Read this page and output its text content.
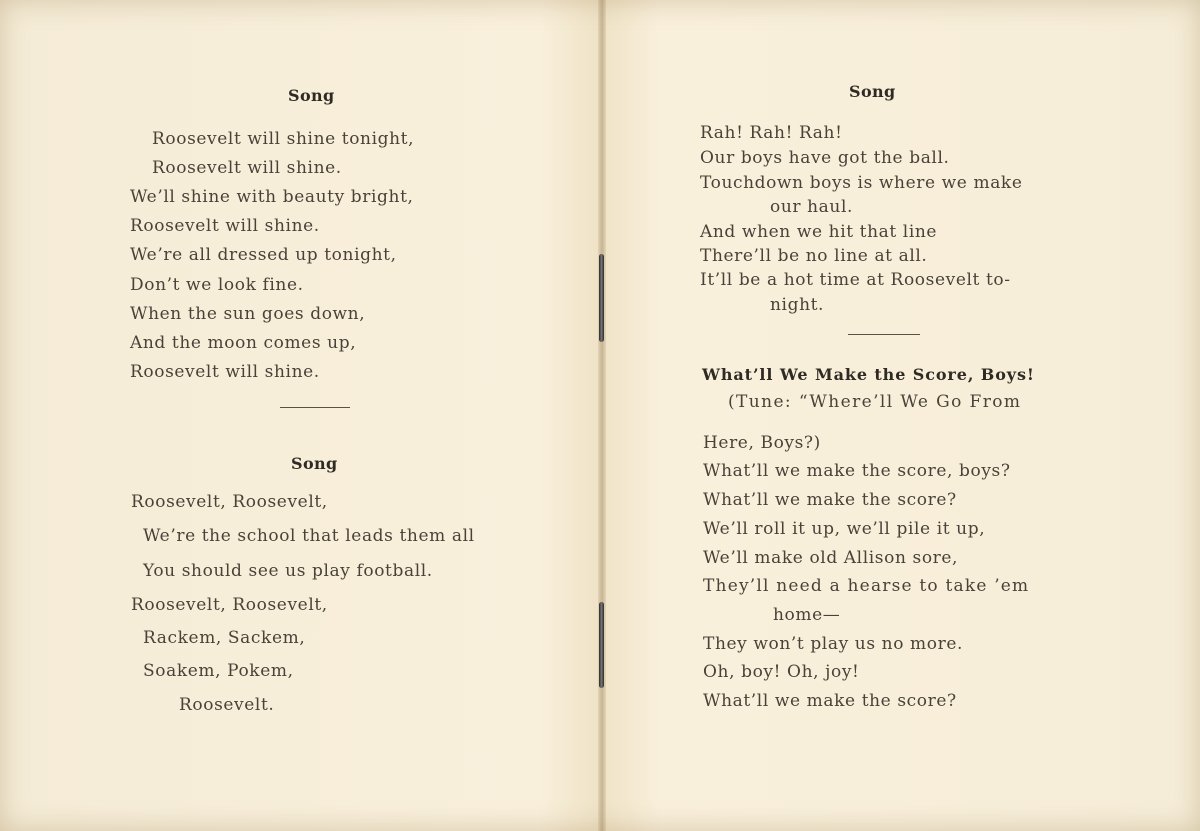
Song
Roosevelt will shine tonight,
Roosevelt will shine.
We’ll shine with beauty bright,
Roosevelt will shine.
We’re all dressed up tonight,
Don’t we look fine.
When the sun goes down,
And the moon comes up,
Roosevelt will shine.
Song
Roosevelt, Roosevelt,
We’re the school that leads them all
You should see us play football.
Roosevelt, Roosevelt,
Rackem, Sackem,
Soakem, Pokem,
Roosevelt.
Song
Rah! Rah! Rah!
Our boys have got the ball.
Touchdown boys is where we make
our haul.
And when we hit that line
There’ll be no line at all.
It’ll be a hot time at Roosevelt to-
night.
What’ll We Make the Score, Boys!
(Tune: “Where’ll We Go From
Here, Boys?)
What’ll we make the score, boys?
What’ll we make the score?
We’ll roll it up, we’ll pile it up,
We’ll make old Allison sore,
They’ll need a hearse to take ’em
home—
They won’t play us no more.
Oh, boy! Oh, joy!
What’ll we make the score?
